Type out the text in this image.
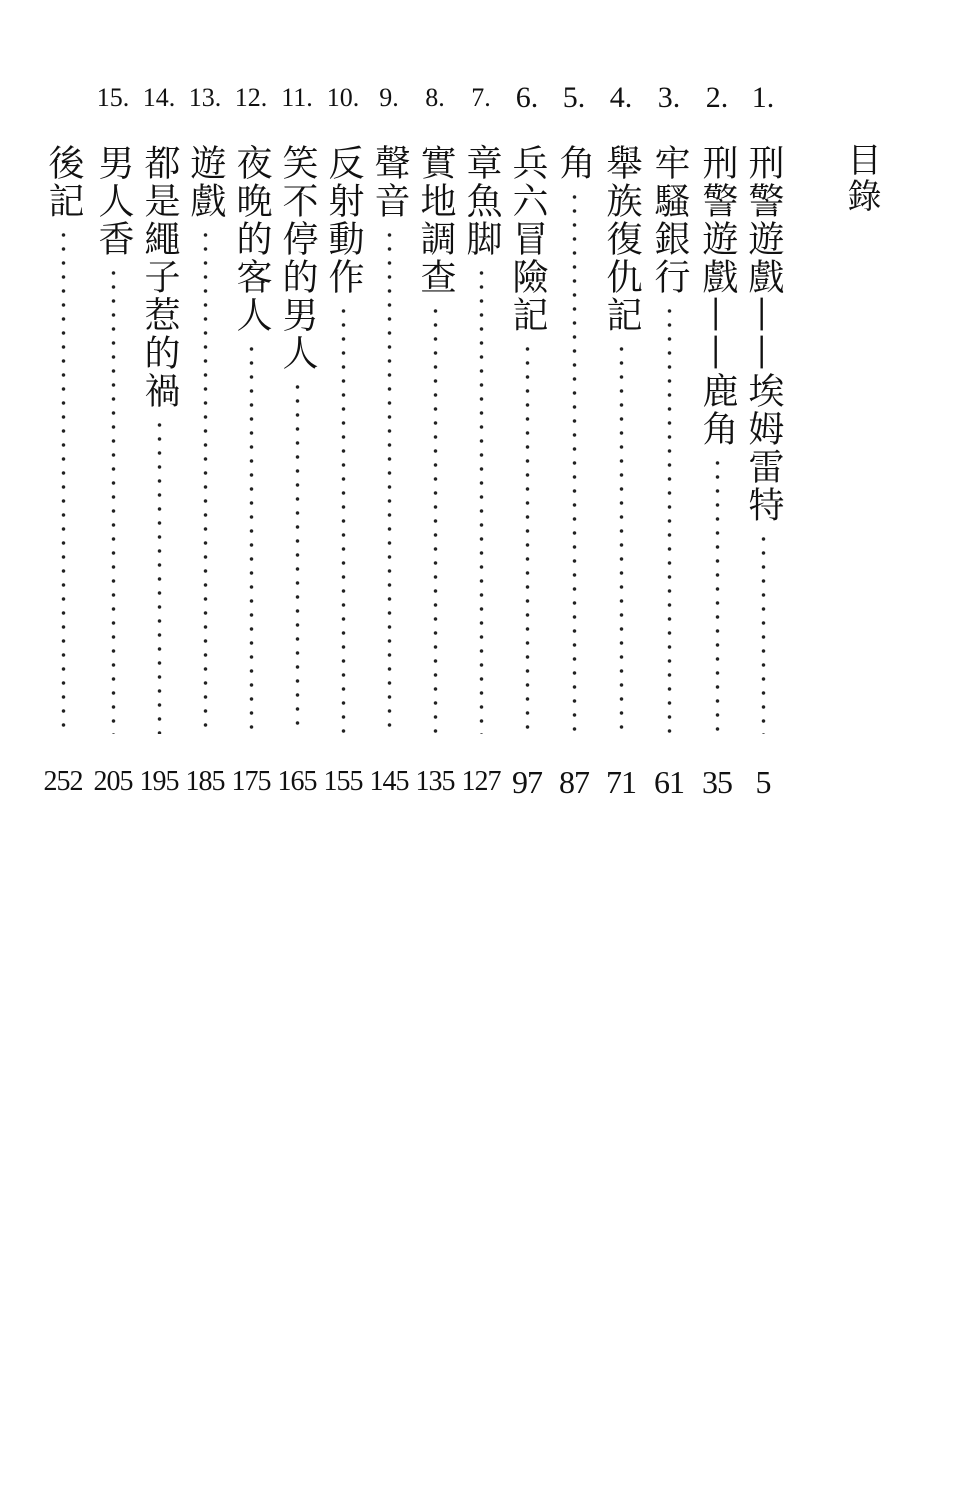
目錄
1.
刑警遊戲——埃姆雷特
5
2.
刑警遊戲——鹿角
35
3.
牢騷銀行
61
4.
舉族復仇記
71
5.
角
87
6.
兵六冒險記
97
7.
章魚脚
127
8.
實地調查
135
9.
聲音
145
10.
反射動作
155
11.
笑不停的男人
165
12.
夜晚的客人
175
13.
遊戲
185
14.
都是繩子惹的禍
195
15.
男人香
205
後記
252
